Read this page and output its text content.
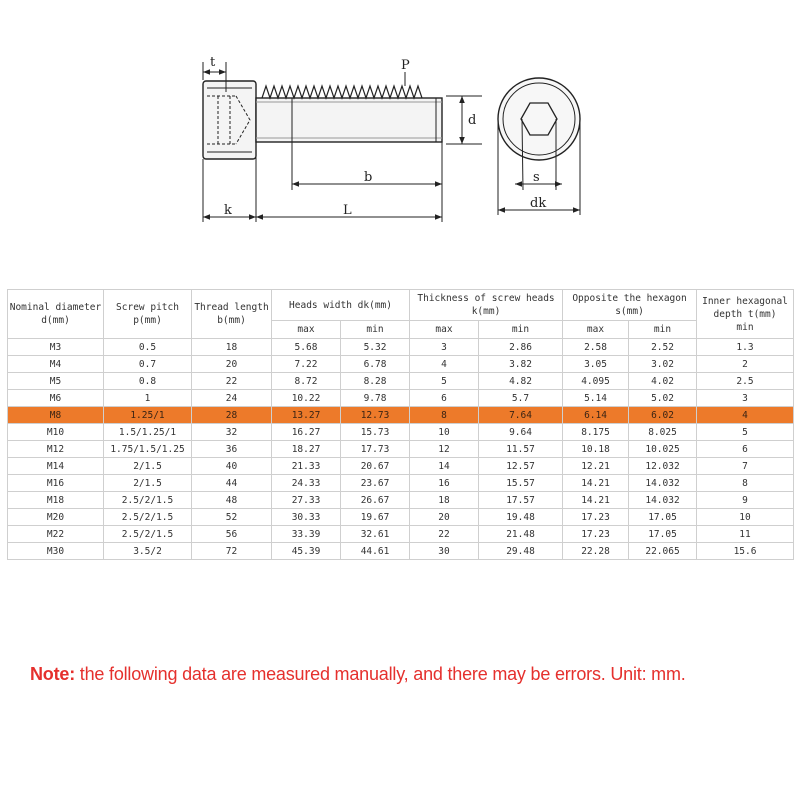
t	P
d
b
k	L
s
dk
Nominal diameter d(mm)	Screw pitch p(mm)	Thread length b(mm)	Heads width dk(mm)		Thickness of screw heads k(mm)		Opposite the hexagon s(mm)		Inner hexagonal depth t(mm)
min
			max	min	max	min	max	min	
M3	0.5	18	5.68	5.32	3	2.86	2.58	2.52	1.3
M4	0.7	20	7.22	6.78	4	3.82	3.05	3.02	2
M5	0.8	22	8.72	8.28	5	4.82	4.095	4.02	2.5
M6	1	24	10.22	9.78	6	5.7	5.14	5.02	3
M8	1.25/1	28	13.27	12.73	8	7.64	6.14	6.02	4
M10	1.5/1.25/1	32	16.27	15.73	10	9.64	8.175	8.025	5
M12	1.75/1.5/1.25	36	18.27	17.73	12	11.57	10.18	10.025	6
M14	2/1.5	40	21.33	20.67	14	12.57	12.21	12.032	7
M16	2/1.5	44	24.33	23.67	16	15.57	14.21	14.032	8
M18	2.5/2/1.5	48	27.33	26.67	18	17.57	14.21	14.032	9
M20	2.5/2/1.5	52	30.33	19.67	20	19.48	17.23	17.05	10
M22	2.5/2/1.5	56	33.39	32.61	22	21.48	17.23	17.05	11
M30	3.5/2	72	45.39	44.61	30	29.48	22.28	22.065	15.6
Note: the following data are measured manually, and there may be errors. Unit: mm.
